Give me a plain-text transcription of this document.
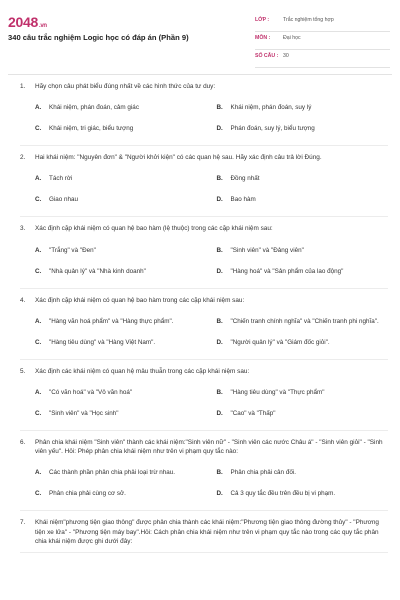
2048.vn
340 câu trắc nghiệm Logic học có đáp án (Phần 9)
LỚP :	Trắc nghiệm tổng hợp
MÔN : Đại học
SỐ CÂU : 30
1.	Hãy chọn câu phát biểu đúng nhất về các hình thức của tư duy:
A.	Khái niệm, phán đoán, cảm giác	B.	Khái niệm, phán đoán, suy lý
C.	Khái niệm, tri giác, biểu tượng	D.	Phán đoán, suy lý, biểu tượng
2.	Hai khái niệm: "Nguyên đơn" & "Người khởi kiện" có các quan hệ sau. Hãy xác định câu trả lời Đúng.
A.	Tách rời	B.	Đồng nhất
C.	Giao nhau	D.	Bao hàm
3.	Xác định cặp khái niệm có quan hệ bao hàm (lệ thuộc) trong các cặp khái niệm sau:
A.	"Trắng" và "Đen"	B.	"Sinh viên" và "Đảng viên"
C.	"Nhà quản lý" và "Nhà kinh doanh"	D.	"Hàng hoá" và "Sản phẩm của lao động"
4.	Xác định cặp khái niệm có quan hệ bao hàm trong các cặp khái niệm sau:
A.	"Hàng văn hoá phẩm" và "Hàng thực phẩm".	B.	"Chiến tranh chính nghĩa" và "Chiến tranh phi nghĩa".
C.	"Hàng tiêu dùng" và "Hàng Việt Nam".	D.	"Người quản lý" và "Giám đốc giỏi".
5.	Xác định các khái niệm có quan hệ mâu thuẫn trong các cặp khái niệm sau:
A.	"Có văn hoá" và "Vô văn hoá"	B.	"Hàng tiêu dùng" và "Thực phẩm"
C.	"Sinh viên" và "Học sinh"	D.	"Cao" và "Thấp"
6.	Phân chia khái niệm "Sinh viên" thành các khái niệm:"Sinh viên nữ" - "Sinh viên các nước Châu á" - "Sinh viên giỏi" - "Sinh viên yếu". Hỏi: Phép phân chia khái niệm như trên vi phạm quy tắc nào:
A.	Các thành phần phân chia phải loại trừ nhau.	B.	Phân chia phải cân đối.
C.	Phân chia phải cùng cơ sở.	D.	Cả 3 quy tắc đều trên đều bị vi phạm.
7.	Khái niệm"phương tiện giao thông" được phân chia thành các khái niệm:"Phương tiện giao thông đường thủy" - "Phương tiện xe lửa" - "Phương tiện máy bay".Hỏi: Cách phân chia khái niệm như trên vi phạm quy tắc nào trong các quy tắc phân chia khái niệm được ghi dưới đây:
